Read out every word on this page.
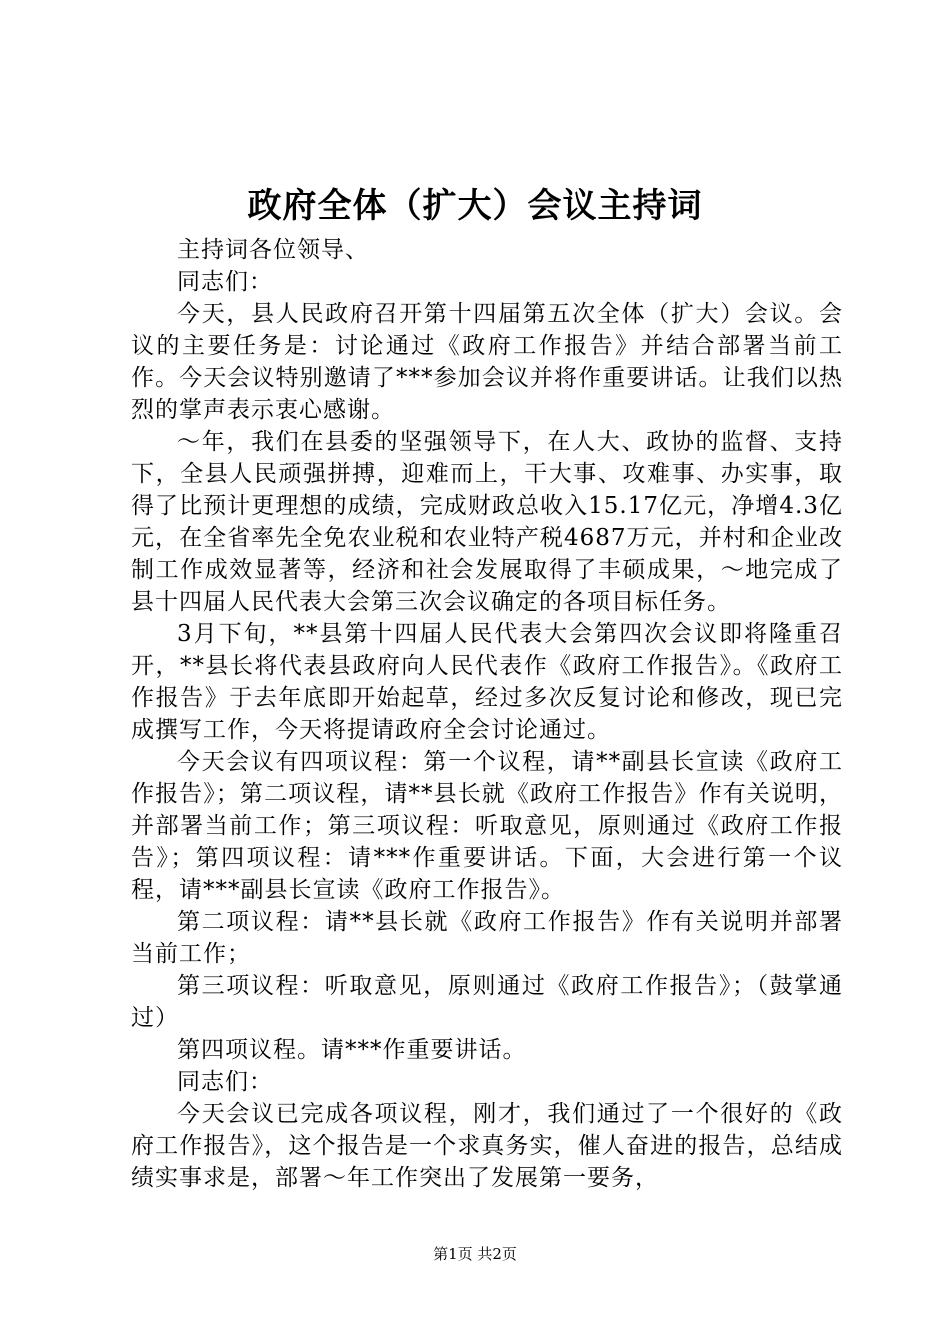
政府全体（扩大）会议主持词

主持词各位领导、

同志们：

今天，县人民政府召开第十四届第五次全体（扩大）会议。会议的主要任务是：讨论通过《政府工作报告》并结合部署当前工作。今天会议特别邀请了***参加会议并将作重要讲话。让我们以热烈的掌声表示衷心感谢。

～年，我们在县委的坚强领导下，在人大、政协的监督、支持下，全县人民顽强拼搏，迎难而上，干大事、攻难事、办实事，取得了比预计更理想的成绩，完成财政总收入15.17亿元，净增4.3亿元，在全省率先全免农业税和农业特产税4687万元，并村和企业改制工作成效显著等，经济和社会发展取得了丰硕成果，～地完成了县十四届人民代表大会第三次会议确定的各项目标任务。

3月下旬，**县第十四届人民代表大会第四次会议即将隆重召开，**县长将代表县政府向人民代表作《政府工作报告》。《政府工作报告》于去年底即开始起草，经过多次反复讨论和修改，现已完成撰写工作，今天将提请政府全会讨论通过。

今天会议有四项议程：第一个议程，请**副县长宣读《政府工作报告》；第二项议程，请**县长就《政府工作报告》作有关说明，并部署当前工作；第三项议程：听取意见，原则通过《政府工作报告》；第四项议程：请***作重要讲话。下面，大会进行第一个议程，请***副县长宣读《政府工作报告》。

第二项议程：请**县长就《政府工作报告》作有关说明并部署当前工作；

第三项议程：听取意见，原则通过《政府工作报告》；（鼓掌通过）

第四项议程。请***作重要讲话。

同志们：

今天会议已完成各项议程，刚才，我们通过了一个很好的《政府工作报告》，这个报告是一个求真务实，催人奋进的报告，总结成绩实事求是，部署～年工作突出了发展第一要务，

第1页 共2页
